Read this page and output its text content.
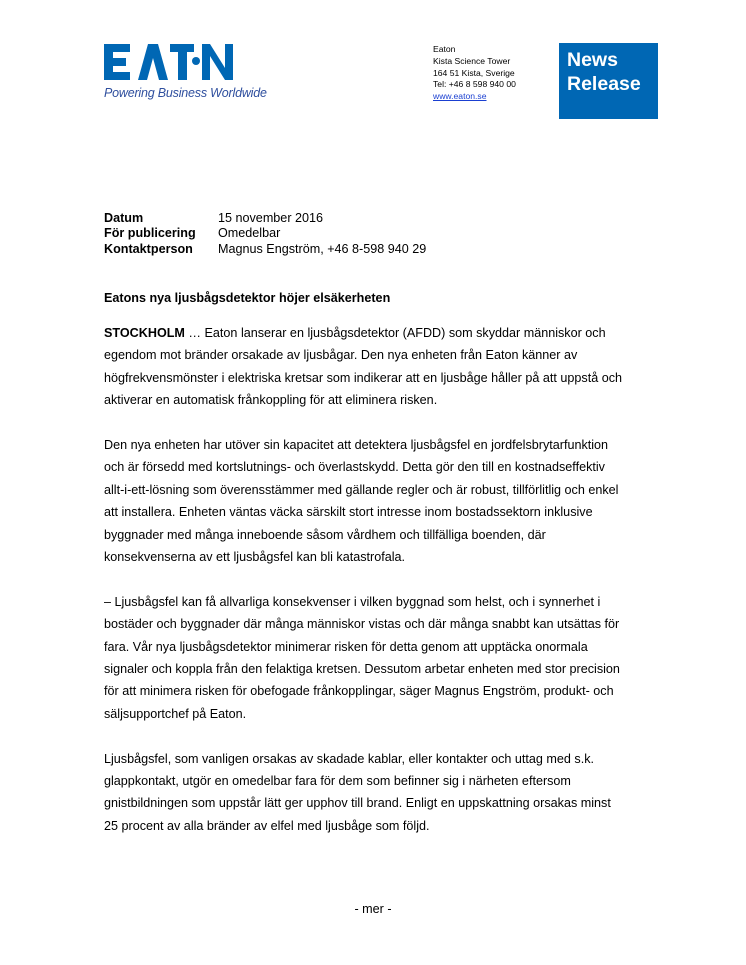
Powering Business Worldwide
Eaton
Kista Science Tower
164 51 Kista, Sverige
Tel: +46 8 598 940 00
www.eaton.se
News
Release
Datum	15 november 2016
För publicering	Omedelbar
Kontaktperson	Magnus Engström, +46 8-598 940 29
Eatons nya ljusbågsdetektor höjer elsäkerheten

STOCKHOLM … Eaton lanserar en ljusbågsdetektor (AFDD) som skyddar människor och
egendom mot bränder orsakade av ljusbågar. Den nya enheten från Eaton känner av
högfrekvensmönster i elektriska kretsar som indikerar att en ljusbåge håller på att uppstå och
aktiverar en automatisk frånkoppling för att eliminera risken.

Den nya enheten har utöver sin kapacitet att detektera ljusbågsfel en jordfelsbrytarfunktion
och är försedd med kortslutnings- och överlastskydd. Detta gör den till en kostnadseffektiv
allt-i-ett-lösning som överensstämmer med gällande regler och är robust, tillförlitlig och enkel
att installera. Enheten väntas väcka särskilt stort intresse inom bostadssektorn inklusive
byggnader med många inneboende såsom vårdhem och tillfälliga boenden, där
konsekvenserna av ett ljusbågsfel kan bli katastrofala.

– Ljusbågsfel kan få allvarliga konsekvenser i vilken byggnad som helst, och i synnerhet i
bostäder och byggnader där många människor vistas och där många snabbt kan utsättas för
fara. Vår nya ljusbågsdetektor minimerar risken för detta genom att upptäcka onormala
signaler och koppla från den felaktiga kretsen. Dessutom arbetar enheten med stor precision
för att minimera risken för obefogade frånkopplingar, säger Magnus Engström, produkt- och
säljsupportchef på Eaton.

Ljusbågsfel, som vanligen orsakas av skadade kablar, eller kontakter och uttag med s.k.
glappkontakt, utgör en omedelbar fara för dem som befinner sig i närheten eftersom
gnistbildningen som uppstår lätt ger upphov till brand. Enligt en uppskattning orsakas minst
25 procent av alla bränder av elfel med ljusbåge som följd.

- mer -
